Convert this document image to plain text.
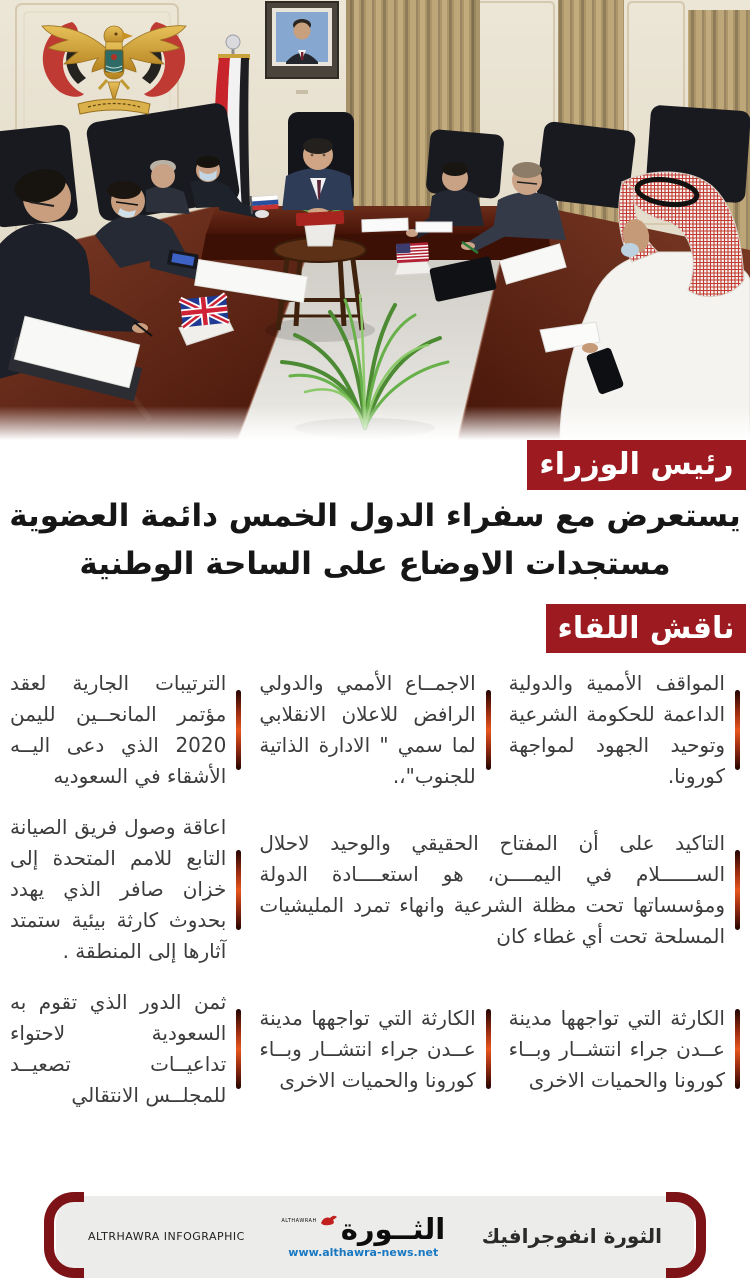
رئيس الوزراء
يستعرض مع سفراء الدول الخمس دائمة العضوية
مستجدات الاوضاع على الساحة الوطنية
ناقش اللقاء

المواقف الأممية والدولية الداعمة للحكومة الشرعية وتوحيد الجهود لمواجهة كورونا.

الاجمــاع الأممي والدولي الرافض للاعلان الانقلابي لما سمي " الادارة الذاتية للجنوب"،.

الترتيبات الجارية لعقد مؤتمر المانحــين لليمن 2020 الذي دعى اليــه الأشقاء في السعوديه

التاكيد على أن المفتاح الحقيقي والوحيد لاحلال الســــــلام في اليمــــن، هو استعــــادة الدولة ومؤسساتها تحت مظلة الشرعية وانهاء تمرد المليشيات المسلحة تحت أي غطاء كان

اعاقة وصول فريق الصيانة التابع للامم المتحدة إلى خزان صافر الذي يهدد بحدوث كارثة بيئية ستمتد آثارها إلى المنطقة .

الكارثة التي تواجهها مدينة عــدن جراء انتشــار وبــاء كورونا والحميات الاخرى

الكارثة التي تواجهها مدينة عــدن جراء انتشــار وبــاء كورونا والحميات الاخرى

ثمن الدور الذي تقوم به السعودية لاحتواء تداعيــات تصعيــد للمجلــس الانتقالي

ALTRHAWRA INFOGRAPHIC
ALTHAWRAH الثــورة
www.althawra-news.net
الثورة انفوجرافيك
